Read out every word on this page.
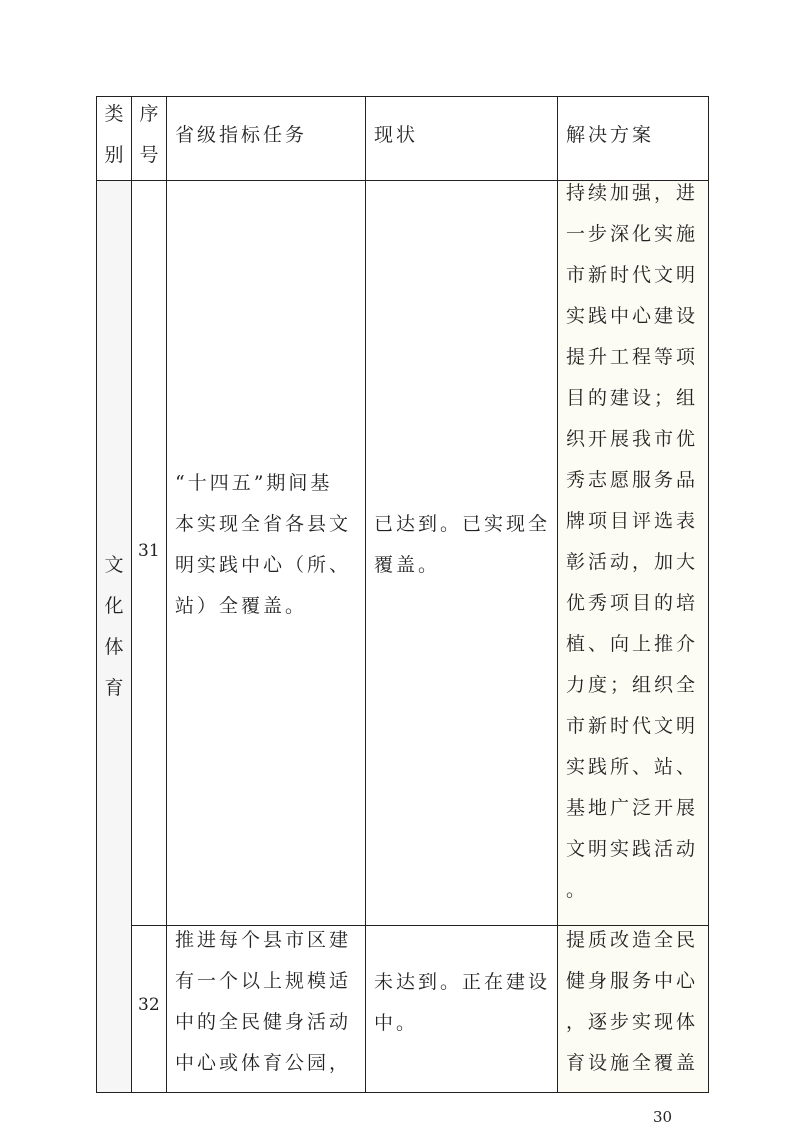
类
别
序
号
省级指标任务	现状	解决方案
文
化
体
育
31
“十四五”期间基
本实现全省各县文
明实践中心（所、
站）全覆盖。
已达到。已实现全
覆盖。
持续加强，进
一步深化实施
市新时代文明
实践中心建设
提升工程等项
目的建设；组
织开展我市优
秀志愿服务品
牌项目评选表
彰活动，加大
优秀项目的培
植、向上推介
力度；组织全
市新时代文明
实践所、站、
基地广泛开展
文明实践活动
。
32
推进每个县市区建
有一个以上规模适
中的全民健身活动
中心或体育公园，
未达到。正在建设
中。
提质改造全民
健身服务中心
，逐步实现体
育设施全覆盖
30
